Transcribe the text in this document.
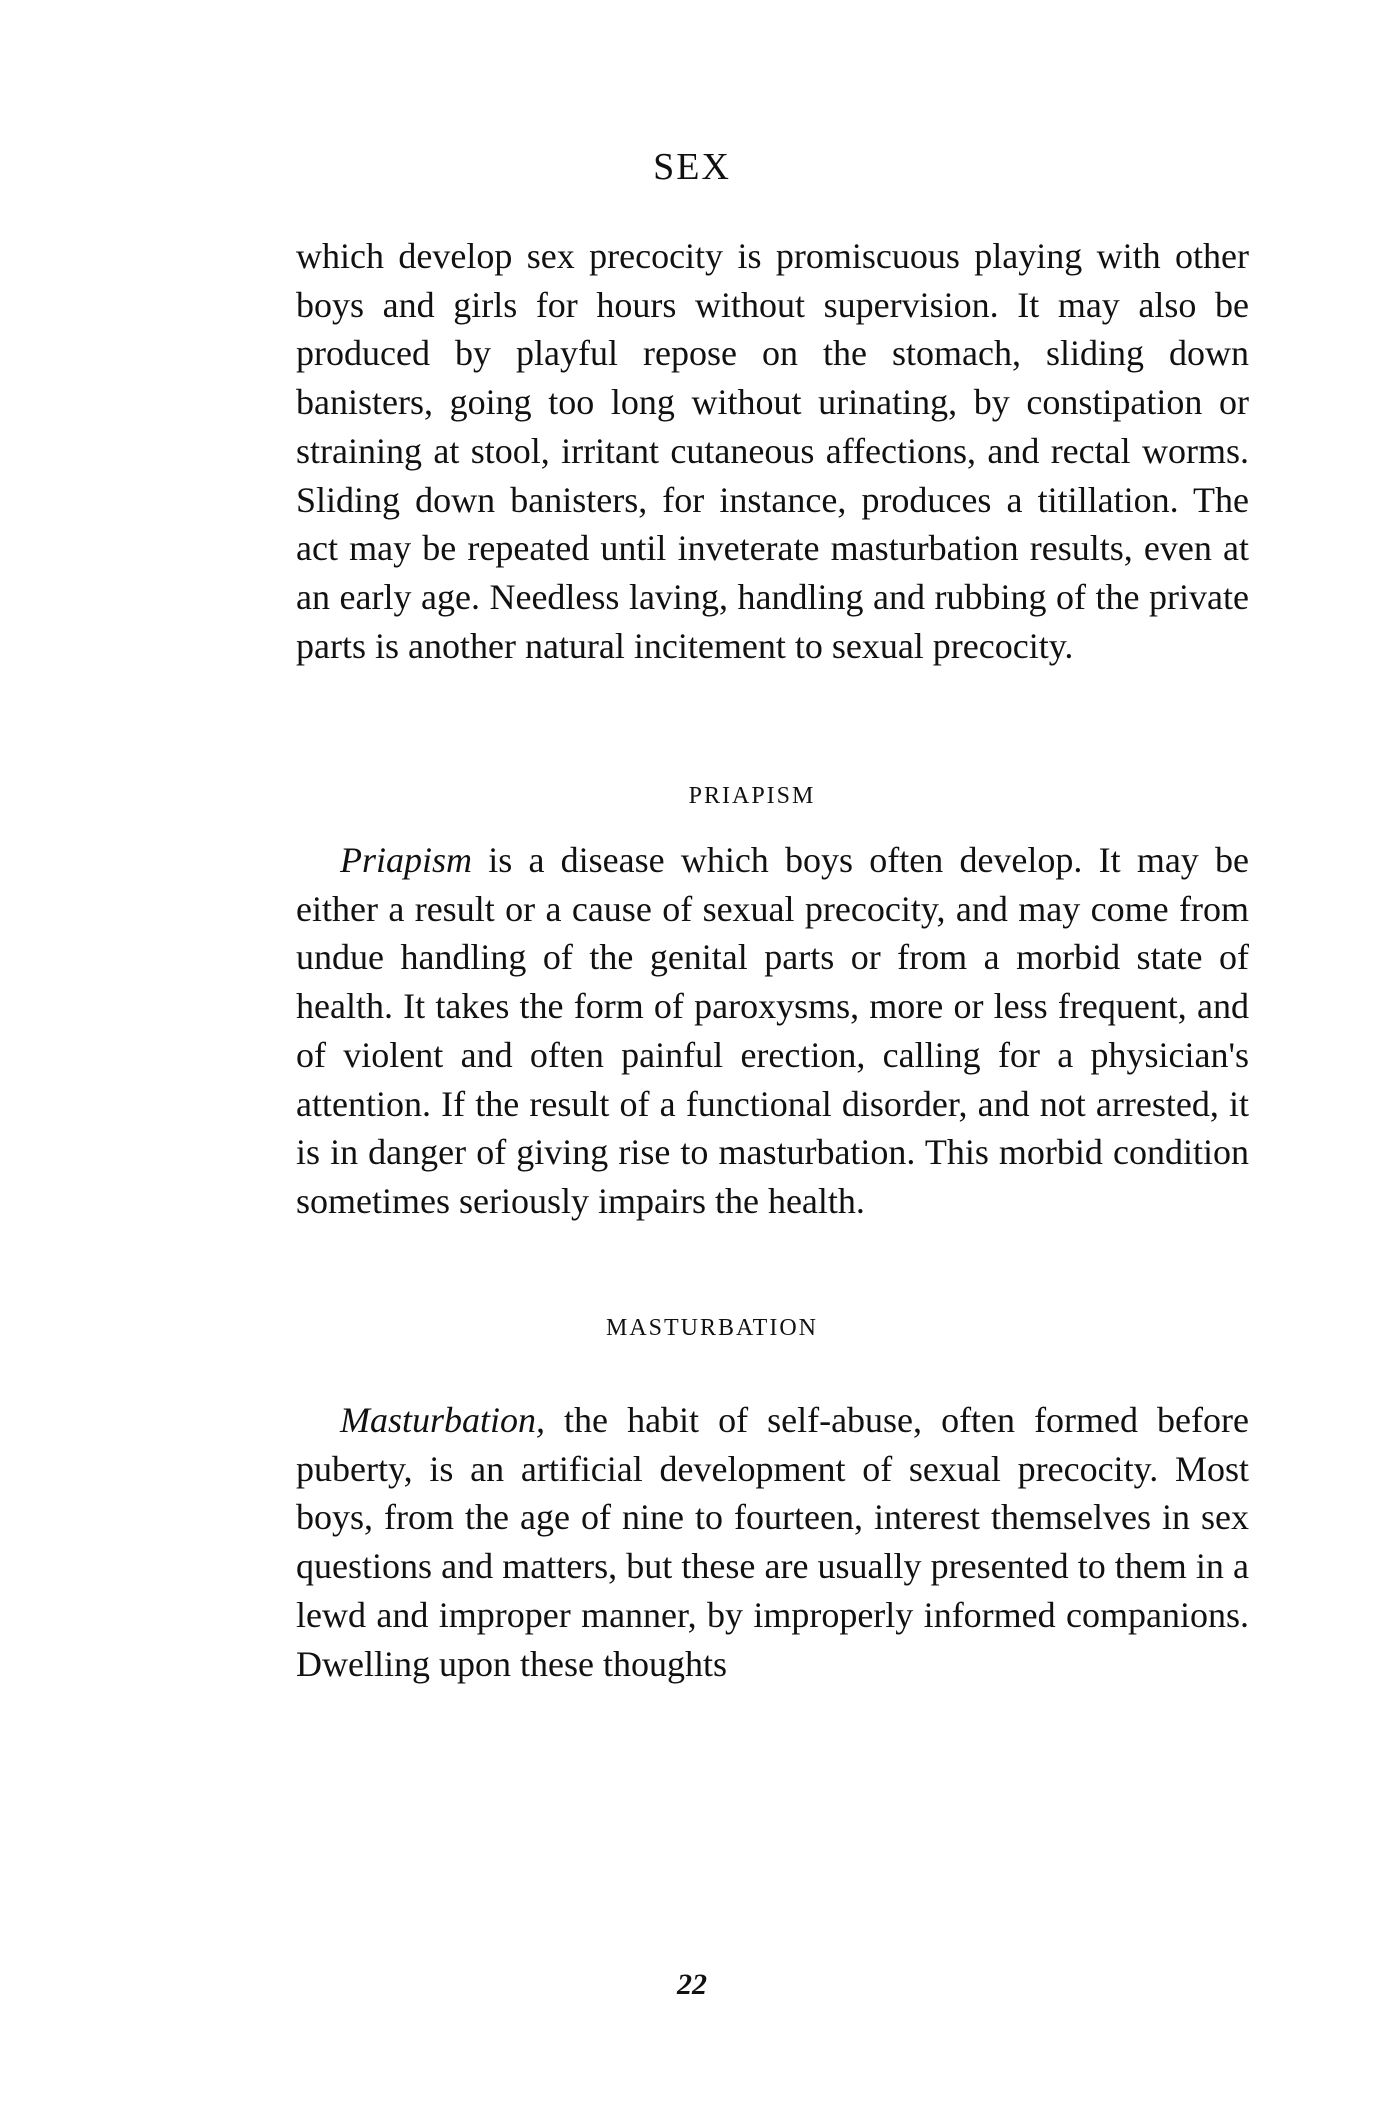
SEX

which develop sex precocity is promiscuous playing with other boys and girls for hours without supervision. It may also be produced by playful repose on the stomach, sliding down banisters, going too long without urinating, by constipation or straining at stool, irritant cutaneous affections, and rectal worms. Sliding down banisters, for instance, produces a titillation. The act may be repeated until inveterate masturbation results, even at an early age. Needless laving, handling and rubbing of the private parts is another natural incitement to sexual precocity.

PRIAPISM

Priapism is a disease which boys often develop. It may be either a result or a cause of sexual precocity, and may come from undue handling of the genital parts or from a morbid state of health. It takes the form of paroxysms, more or less frequent, and of violent and often painful erection, calling for a physician's attention. If the result of a functional disorder, and not arrested, it is in danger of giving rise to masturbation. This morbid condition sometimes seriously impairs the health.

MASTURBATION

Masturbation, the habit of self-abuse, often formed before puberty, is an artificial development of sexual precocity. Most boys, from the age of nine to fourteen, interest themselves in sex questions and matters, but these are usually presented to them in a lewd and improper manner, by improperly informed companions. Dwelling upon these thoughts

22
